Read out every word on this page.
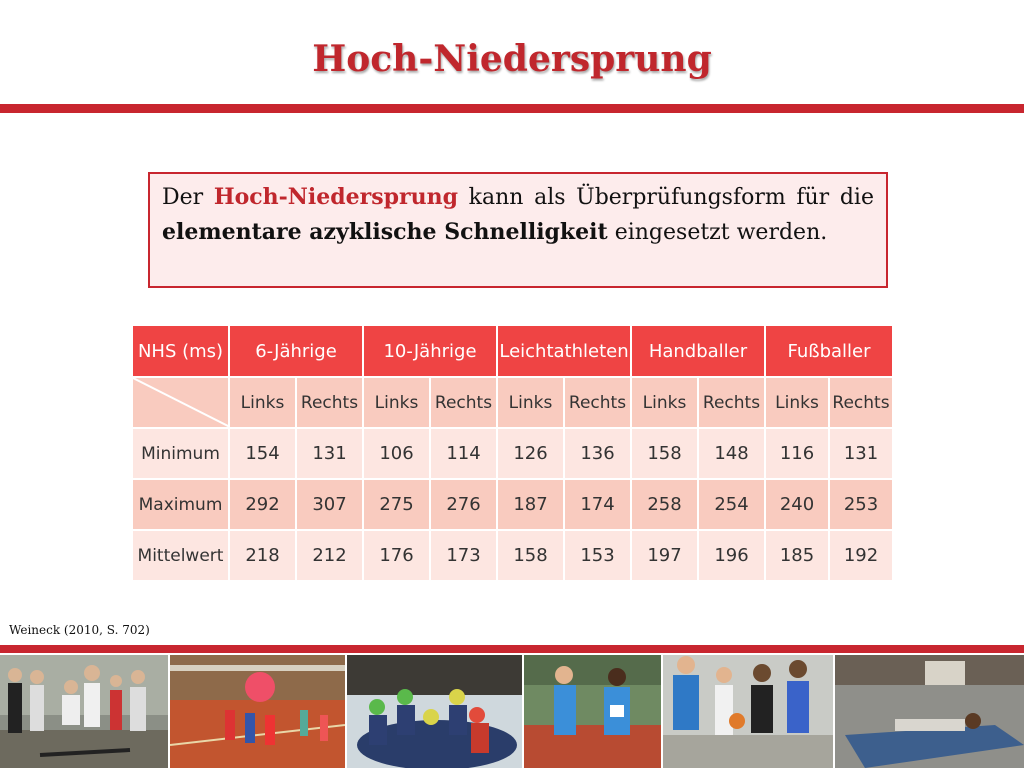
Hoch-Niedersprung
Der Hoch-Niedersprung kann als Überprüfungsform für die elementare azyklische Schnelligkeit eingesetzt werden.
NHS (ms)	6-Jährige		10-Jährige		Leichtathleten		Handballer		Fußballer	

	Links	Rechts	Links	Rechts	Links	Rechts	Links	Rechts	Links	Rechts
Minimum	154	131	106	114	126	136	158	148	116	131
Maximum	292	307	275	276	187	174	258	254	240	253
Mittelwert	218	212	176	173	158	153	197	196	185	192
Weineck (2010, S. 702)
